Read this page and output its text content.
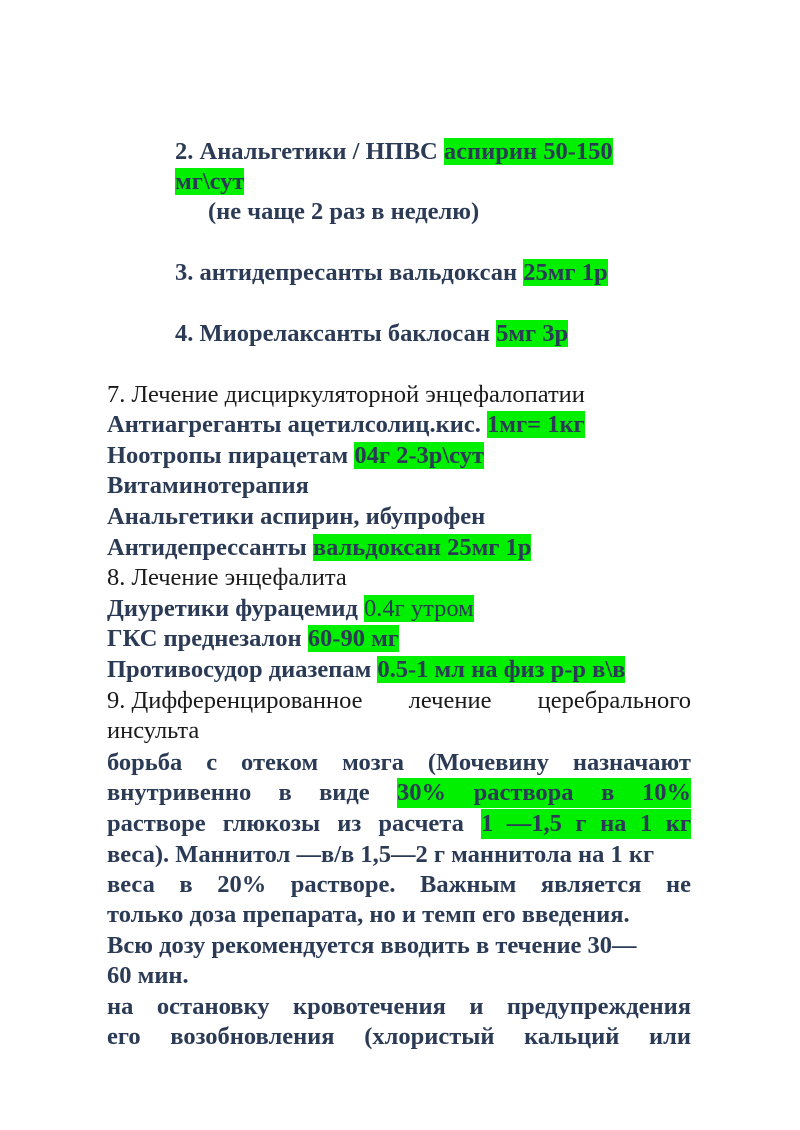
2. Анальгетики / НПВС аспирин 50-150
мг\сут
(не чаще 2 раз в неделю)
3. антидепресанты вальдоксан 25мг 1р
4. Миорелаксанты баклосан 5мг 3р
7. Лечение дисциркуляторной энцефалопатии
Антиагреганты ацетилсолиц.кис. 1мг= 1кг
Ноотропы пирацетам 04г 2-3р\сут
Витаминотерапия
Анальгетики аспирин, ибупрофен
Антидепрессанты вальдоксан 25мг 1р
8. Лечение энцефалита
Диуретики фурацемид 0.4г утром
ГКС преднезалон 60-90 мг
Противосудор диазепам 0.5-1 мл на физ р-р в\в
9. Дифференцированное лечение церебрального
инсульта
борьба с отеком мозга (Мочевину назначают
внутривенно в виде 30% раствора в 10%
растворе глюкозы из расчета 1 —1,5 г на 1 кг
веса). Маннитол —в/в 1,5—2 г маннитола на 1 кг
веса в 20% растворе. Важным является не
только доза препарата, но и темп его введения.
Всю дозу рекомендуется вводить в течение 30—
60 мин.
на остановку кровотечения и предупреждения
его возобновления (хлористый кальций или
